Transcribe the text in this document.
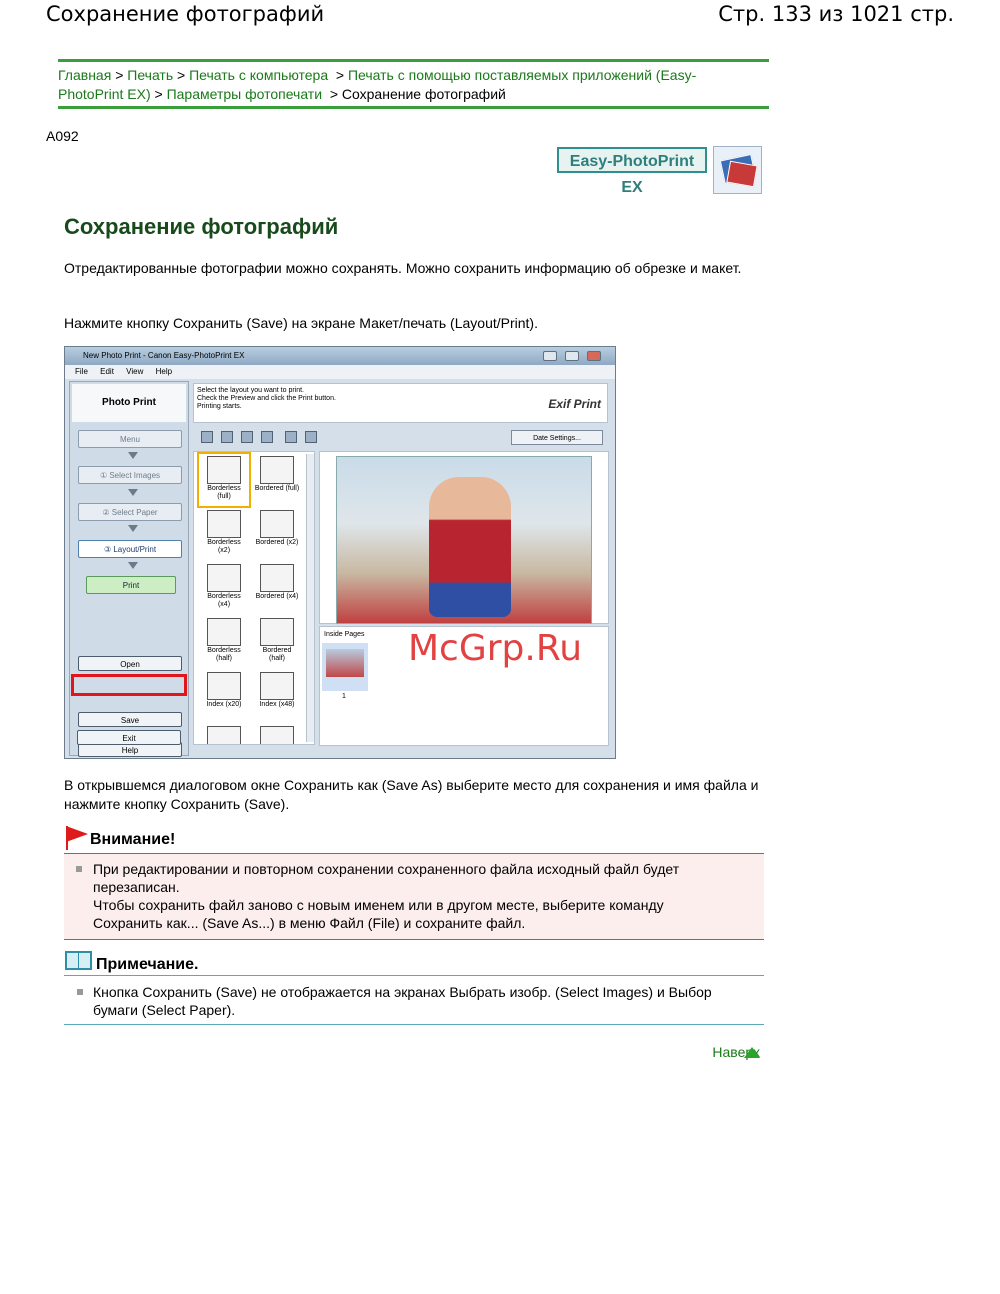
Сохранение фотографий	Стр. 133 из 1021 стр.
Главная > Печать > Печать с компьютера > Печать с помощью поставляемых приложений (Easy-PhotoPrint EX) > Параметры фотопечати > Сохранение фотографий
A092
Easy-PhotoPrint EX
Сохранение фотографий
Отредактированные фотографии можно сохранять. Можно сохранить информацию об обрезке и макет.
Нажмите кнопку Сохранить (Save) на экране Макет/печать (Layout/Print).
New Photo Print - Canon Easy-PhotoPrint EX
File Edit View Help
Photo Print
Menu
① Select Images
② Select Paper
③ Layout/Print
Print
Open
Save
Help
Exit
Select the layout you want to print.
Check the Preview and click the Print button.
Printing starts.	Exif Print
Date Settings...
Borderless
(full)
Bordered (full)
Borderless
(x2)
Bordered (x2)
Borderless
(x4)
Bordered (x4)
Borderless
(half)
Bordered
(half)
Index (x20)	Index (x48)
Inside Pages
1
McGrp.Ru
В открывшемся диалоговом окне Сохранить как (Save As) выберите место для сохранения и имя файла и нажмите кнопку Сохранить (Save).
Внимание!
При редактировании и повторном сохранении сохраненного файла исходный файл будет перезаписан.
Чтобы сохранить файл заново с новым именем или в другом месте, выберите команду Сохранить как... (Save As...) в меню Файл (File) и сохраните файл.
Примечание.
Кнопка Сохранить (Save) не отображается на экранах Выбрать изобр. (Select Images) и Выбор бумаги (Select Paper).
Наверх
